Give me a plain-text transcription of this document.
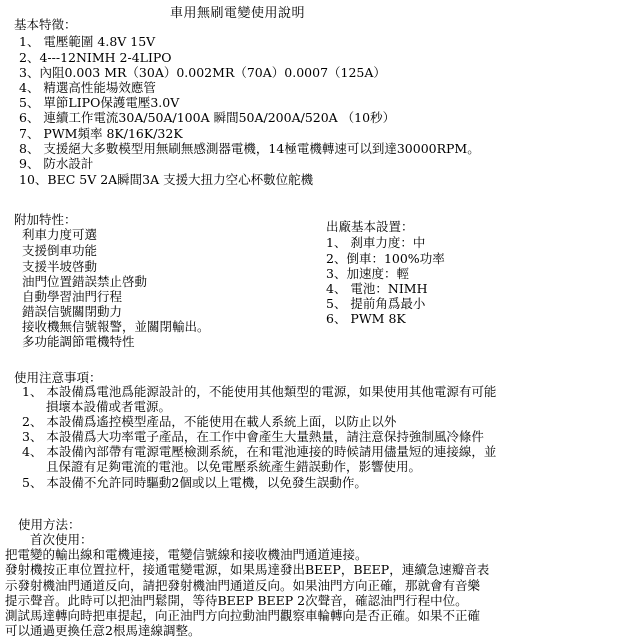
車用無刷電變使用說明
基本特徵：
1、 電壓範圍 4.8V 15V
2、4---12NIMH 2-4LIPO
3、內阻0.003 MR（30A）0.002MR（70A）0.0007（125A）
4、 精選高性能場效應管
5、 單節LIPO保護電壓3.0V
6、 連續工作電流30A/50A/100A 瞬間50A/200A/520A （10秒）
7、 PWM頻率 8K/16K/32K
8、 支援絕大多數模型用無刷無感測器電機，14極電機轉速可以到達30000RPM。
9、 防水設計
10、BEC 5V 2A瞬間3A 支援大扭力空心杯數位舵機
附加特性：
利車力度可選
支援倒車功能
支援半坡啓動
油門位置錯誤禁止啓動
自動學習油門行程
錯誤信號關閉動力
接收機無信號報警，並關閉輸出。
多功能調節電機特性
出廠基本設置：
1、 刹車力度：中
2、倒車：100%功率
3、加速度：輕
4、 電池：NIMH
5、 提前角爲最小
6、 PWM 8K
使用注意事項：
1、 本設備爲電池爲能源設計的，不能使用其他類型的電源，如果使用其他電源有可能
損壞本設備或者電源。
2、 本設備爲遙控模型產品，不能使用在載人系統上面，以防止以外
3、 本設備爲大功率電子產品，在工作中會產生大量熱量，請注意保持強制風冷條件
4、 本設備內部帶有電源電壓檢測系統，在和電池連接的時候請用儘量短的連接線，並
且保證有足夠電流的電池。以免電壓系統產生錯誤動作，影響使用。
5、 本設備不允許同時驅動2個或以上電機，以免發生誤動作。
使用方法：
首次使用：
把電變的輸出線和電機連接，電變信號線和接收機油門通道連接。
發射機按正車位置拉杆，接通電變電源，如果馬達發出BEEP，BEEP，連續急速瓣音表
示發射機油門通道反向，請把發射機油門通道反向。如果油門方向正確，那就會有音樂
提示聲音。此時可以把油門鬆開，等待BEEP BEEP 2次聲音，確認油門行程中位。
測試馬達轉向時把車提起，向正油門方向拉動油門觀察車輪轉向是否正確。如果不正確
可以通過更換任意2根馬達線調整。
